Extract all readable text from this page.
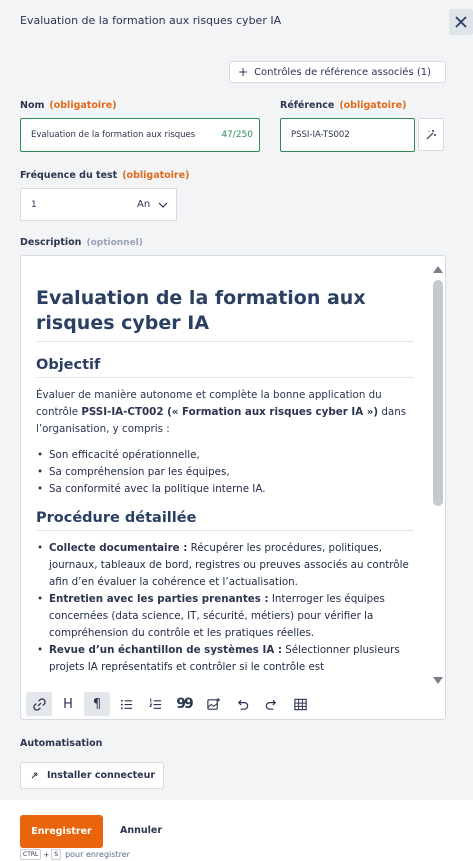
Evaluation de la formation aux risques cyber IA
+ Contrôles de référence associés (1)
Nom (obligatoire)
Evaluation de la formation aux risques	47/250
Référence (obligatoire)
PSSI-IA-TS002
Fréquence du test (obligatoire)
1	An
Description (optionnel)
Evaluation de la formation aux risques cyber IA
Objectif
Évaluer de manière autonome et complète la bonne application du contrôle PSSI-IA-CT002 (« Formation aux risques cyber IA ») dans l’organisation, y compris :
• Son efficacité opérationnelle,
• Sa compréhension par les équipes,
• Sa conformité avec la politique interne IA.
Procédure détaillée
• Collecte documentaire : Récupérer les procédures, politiques, journaux, tableaux de bord, registres ou preuves associés au contrôle afin d’en évaluer la cohérence et l’actualisation.
• Entretien avec les parties prenantes : Interroger les équipes concernées (data science, IT, sécurité, métiers) pour vérifier la compréhension du contrôle et les pratiques réelles.
• Revue d’un échantillon de systèmes IA : Sélectionner plusieurs projets IA représentatifs et contrôler si le contrôle est
H ¶	99
Automatisation
Installer connecteur
Enregistrer	Annuler
CTRL + S pour enregistrer
